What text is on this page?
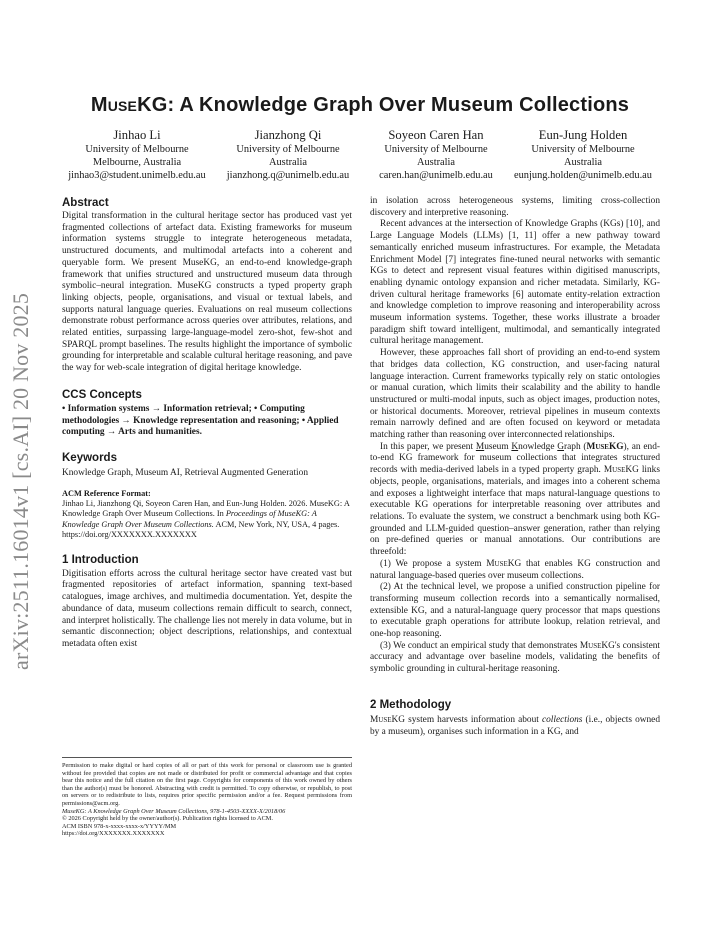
arXiv:2511.16014v1 [cs.AI] 20 Nov 2025
MuseKG: A Knowledge Graph Over Museum Collections
Jinhao Li
University of Melbourne
Melbourne, Australia
jinhao3@student.unimelb.edu.au
Jianzhong Qi
University of Melbourne
Australia
jianzhong.q@unimelb.edu.au
Soyeon Caren Han
University of Melbourne
Australia
caren.han@unimelb.edu.au
Eun-Jung Holden
University of Melbourne
Australia
eunjung.holden@unimelb.edu.au
Abstract

Digital transformation in the cultural heritage sector has produced vast yet fragmented collections of artefact data. Existing frameworks for museum information systems struggle to integrate heterogeneous metadata, unstructured documents, and multimodal artefacts into a coherent and queryable form. We present MuseKG, an end-to-end knowledge-graph framework that unifies structured and unstructured museum data through symbolic–neural integration. MuseKG constructs a typed property graph linking objects, people, organisations, and visual or textual labels, and supports natural language queries. Evaluations on real museum collections demonstrate robust performance across queries over attributes, relations, and related entities, surpassing large-language-model zero-shot, few-shot and SPARQL prompt baselines. The results highlight the importance of symbolic grounding for interpretable and scalable cultural heritage reasoning, and pave the way for web-scale integration of digital heritage knowledge.

CCS Concepts

• Information systems → Information retrieval; • Computing methodologies → Knowledge representation and reasoning; • Applied computing → Arts and humanities.

Keywords

Knowledge Graph, Museum AI, Retrieval Augmented Generation

ACM Reference Format:

Jinhao Li, Jianzhong Qi, Soyeon Caren Han, and Eun-Jung Holden. 2026. MuseKG: A Knowledge Graph Over Museum Collections. In Proceedings of MuseKG: A Knowledge Graph Over Museum Collections. ACM, New York, NY, USA, 4 pages. https://doi.org/XXXXXXX.XXXXXXX

1 Introduction

Digitisation efforts across the cultural heritage sector have created vast but fragmented repositories of artefact information, spanning text-based catalogues, image archives, and multimedia documentation. Yet, despite the abundance of data, museum collections remain difficult to search, connect, and interpret holistically. The challenge lies not merely in data volume, but in semantic disconnection; object descriptions, relationships, and contextual metadata often exist

Permission to make digital or hard copies of all or part of this work for personal or classroom use is granted without fee provided that copies are not made or distributed for profit or commercial advantage and that copies bear this notice and the full citation on the first page. Copyrights for components of this work owned by others than the author(s) must be honored. Abstracting with credit is permitted. To copy otherwise, or republish, to post on servers or to redistribute to lists, requires prior specific permission and/or a fee. Request permissions from permissions@acm.org.

MuseKG: A Knowledge Graph Over Museum Collections, 978-1-4503-XXXX-X/2018/06

© 2026 Copyright held by the owner/author(s). Publication rights licensed to ACM.

ACM ISBN 978-x-xxxx-xxxx-x/YYYY/MM

https://doi.org/XXXXXXX.XXXXXXX

in isolation across heterogeneous systems, limiting cross-collection discovery and interpretive reasoning.

Recent advances at the intersection of Knowledge Graphs (KGs) [10], and Large Language Models (LLMs) [1, 11] offer a new pathway toward semantically enriched museum infrastructures. For example, the Metadata Enrichment Model [7] integrates fine-tuned neural networks with semantic KGs to detect and represent visual features within digitised manuscripts, enabling dynamic ontology expansion and richer metadata. Similarly, KG-driven cultural heritage frameworks [6] automate entity-relation extraction and knowledge completion to improve reasoning and interoperability across museum information systems. Together, these works illustrate a broader paradigm shift toward intelligent, multimodal, and semantically integrated cultural heritage management.

However, these approaches fall short of providing an end-to-end system that bridges data collection, KG construction, and user-facing natural language interaction. Current frameworks typically rely on static ontologies or manual curation, which limits their scalability and the ability to handle unstructured or multi-modal inputs, such as object images, production notes, or historical documents. Moreover, retrieval pipelines in museum contexts remain narrowly defined and are often focused on keyword or metadata matching rather than reasoning over interconnected relationships.

In this paper, we present Museum Knowledge Graph (MuseKG), an end-to-end KG framework for museum collections that integrates structured records with media-derived labels in a typed property graph. MuseKG links objects, people, organisations, materials, and images into a coherent schema and exposes a lightweight interface that maps natural-language questions to executable KG operations for interpretable reasoning over attributes and relations. To evaluate the system, we construct a benchmark using both KG-grounded and LLM-guided question–answer generation, rather than relying on pre-defined queries or manual annotations. Our contributions are threefold:

(1) We propose a system MuseKG that enables KG construction and natural language-based queries over museum collections.

(2) At the technical level, we propose a unified construction pipeline for transforming museum collection records into a semantically normalised, extensible KG, and a natural-language query processor that maps questions to executable graph operations for attribute lookup, relation retrieval, and one-hop reasoning.

(3) We conduct an empirical study that demonstrates MuseKG's consistent accuracy and advantage over baseline models, validating the benefits of symbolic grounding in cultural-heritage reasoning.

2 Methodology

MuseKG system harvests information about collections (i.e., objects owned by a museum), organises such information in a KG, and
